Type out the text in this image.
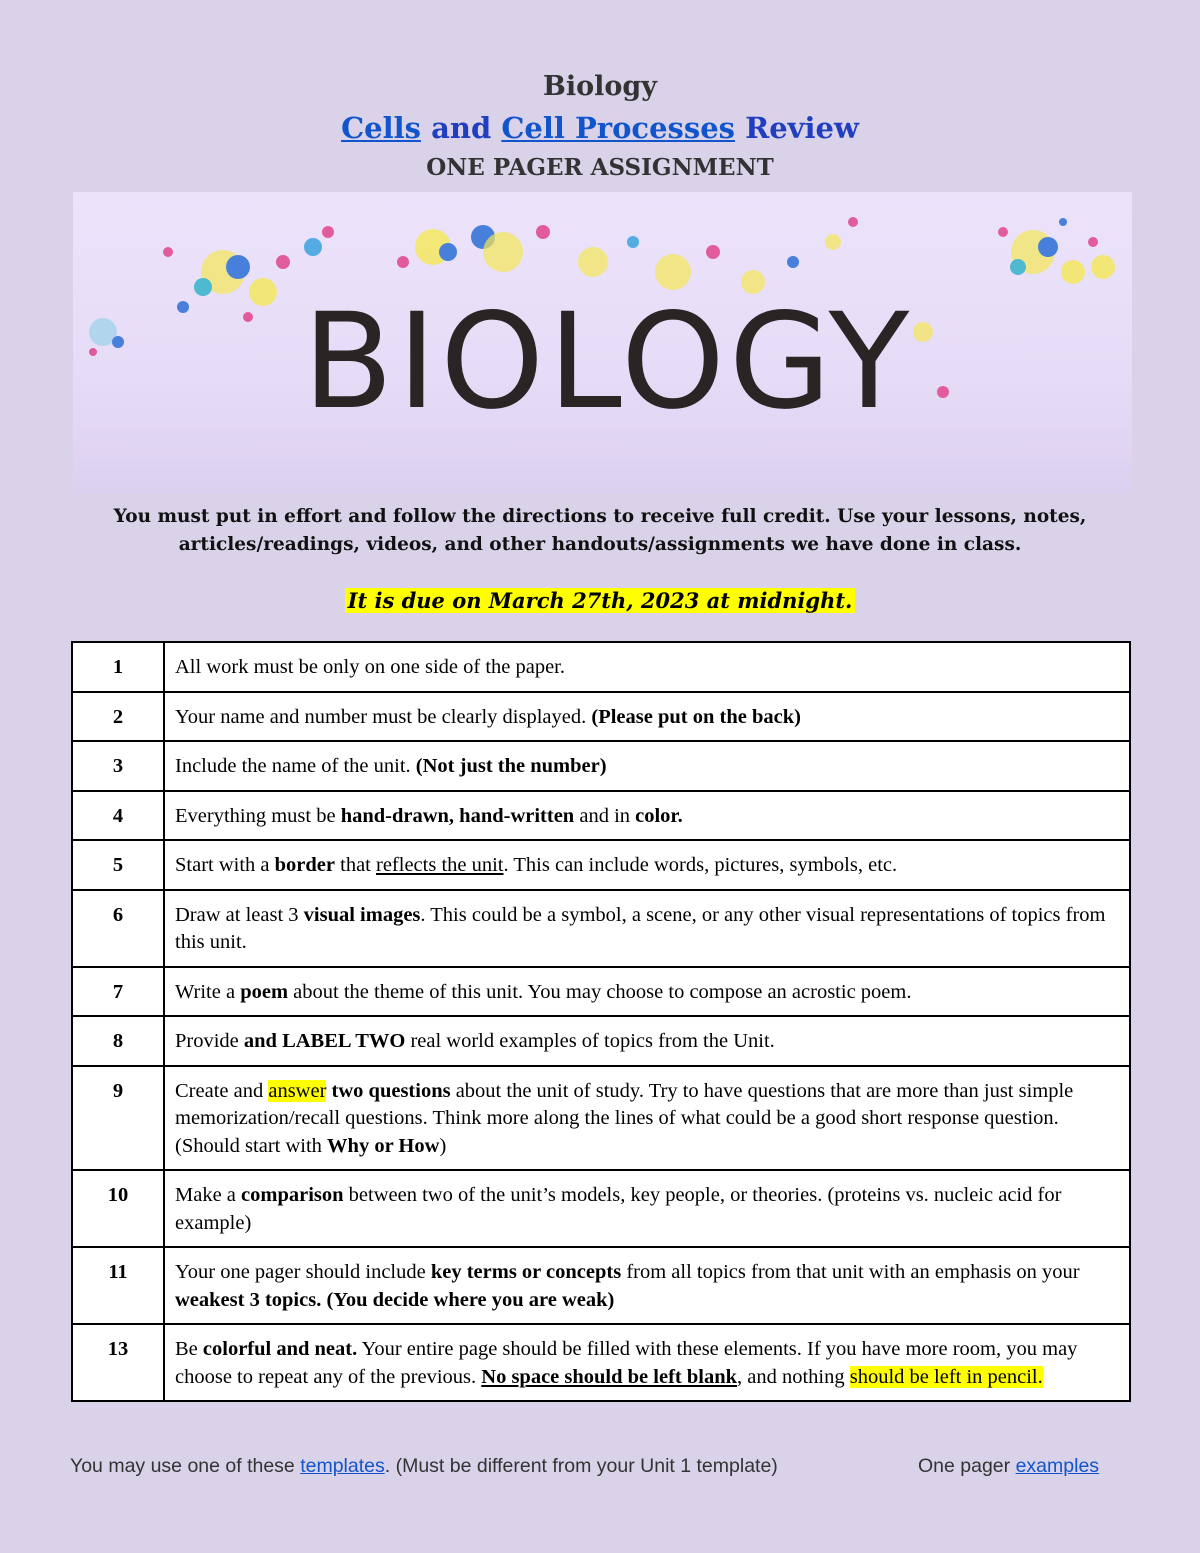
Biology
Cells and Cell Processes Review
ONE PAGER ASSIGNMENT
BIOLOGY
You must put in effort and follow the directions to receive full credit. Use your lessons, notes,
articles/readings, videos, and other handouts/assignments we have done in class.
It is due on March 27th, 2023 at midnight.
1	All work must be only on one side of the paper.
2	Your name and number must be clearly displayed. (Please put on the back)
3	Include the name of the unit. (Not just the number)
4	Everything must be hand-drawn, hand-written and in color.
5	Start with a border that reflects the unit. This can include words, pictures, symbols, etc.
6	Draw at least 3 visual images. This could be a symbol, a scene, or any other visual representations of topics from this unit.
7	Write a poem about the theme of this unit. You may choose to compose an acrostic poem.
8	Provide and LABEL TWO real world examples of topics from the Unit.
9	Create and answer two questions about the unit of study. Try to have questions that are more than just simple memorization/recall questions. Think more along the lines of what could be a good short response question. (Should start with Why or How)
10	Make a comparison between two of the unit’s models, key people, or theories. (proteins vs. nucleic acid for example)
11	Your one pager should include key terms or concepts from all topics from that unit with an emphasis on your weakest 3 topics. (You decide where you are weak)
13	Be colorful and neat. Your entire page should be filled with these elements. If you have more room, you may choose to repeat any of the previous. No space should be left blank, and nothing should be left in pencil.
You may use one of these templates. (Must be different from your Unit 1 template)	One pager examples
